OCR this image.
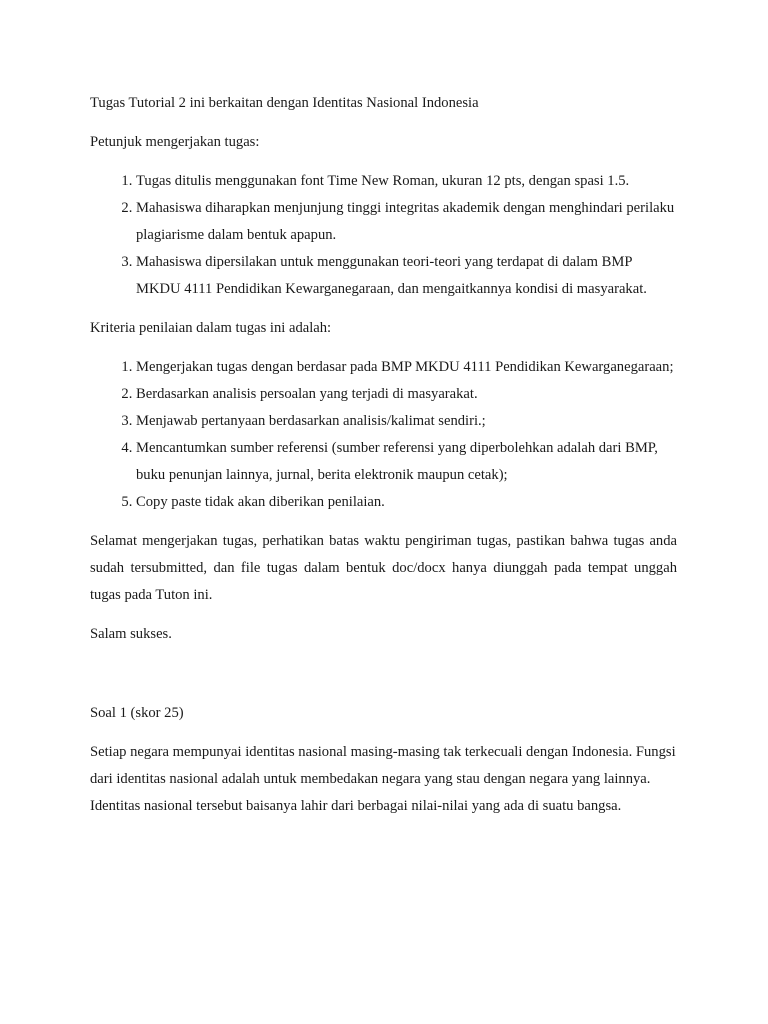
Tugas Tutorial 2 ini berkaitan dengan Identitas Nasional Indonesia

Petunjuk mengerjakan tugas:

1. Tugas ditulis menggunakan font Time New Roman, ukuran 12 pts, dengan spasi 1.5.
2. Mahasiswa diharapkan menjunjung tinggi integritas akademik dengan menghindari perilaku plagiarisme dalam bentuk apapun.
3. Mahasiswa dipersilakan untuk menggunakan teori-teori yang terdapat di dalam BMP MKDU 4111 Pendidikan Kewarganegaraan, dan mengaitkannya kondisi di masyarakat.

Kriteria penilaian dalam tugas ini adalah:

1. Mengerjakan tugas dengan berdasar pada BMP MKDU 4111 Pendidikan Kewarganegaraan;
2. Berdasarkan analisis persoalan yang terjadi di masyarakat.
3. Menjawab pertanyaan berdasarkan analisis/kalimat sendiri.;
4. Mencantumkan sumber referensi (sumber referensi yang diperbolehkan adalah dari BMP, buku penunjan lainnya, jurnal, berita elektronik maupun cetak);
5. Copy paste tidak akan diberikan penilaian.

Selamat mengerjakan tugas, perhatikan batas waktu pengiriman tugas, pastikan bahwa tugas anda sudah tersubmitted, dan file tugas dalam bentuk doc/docx hanya diunggah pada tempat unggah tugas pada Tuton ini.

Salam sukses.

Soal 1 (skor 25)

Setiap negara mempunyai identitas nasional masing-masing tak terkecuali dengan Indonesia. Fungsi dari identitas nasional adalah untuk membedakan negara yang stau dengan negara yang lainnya. Identitas nasional tersebut baisanya lahir dari berbagai nilai-nilai yang ada di suatu bangsa.
